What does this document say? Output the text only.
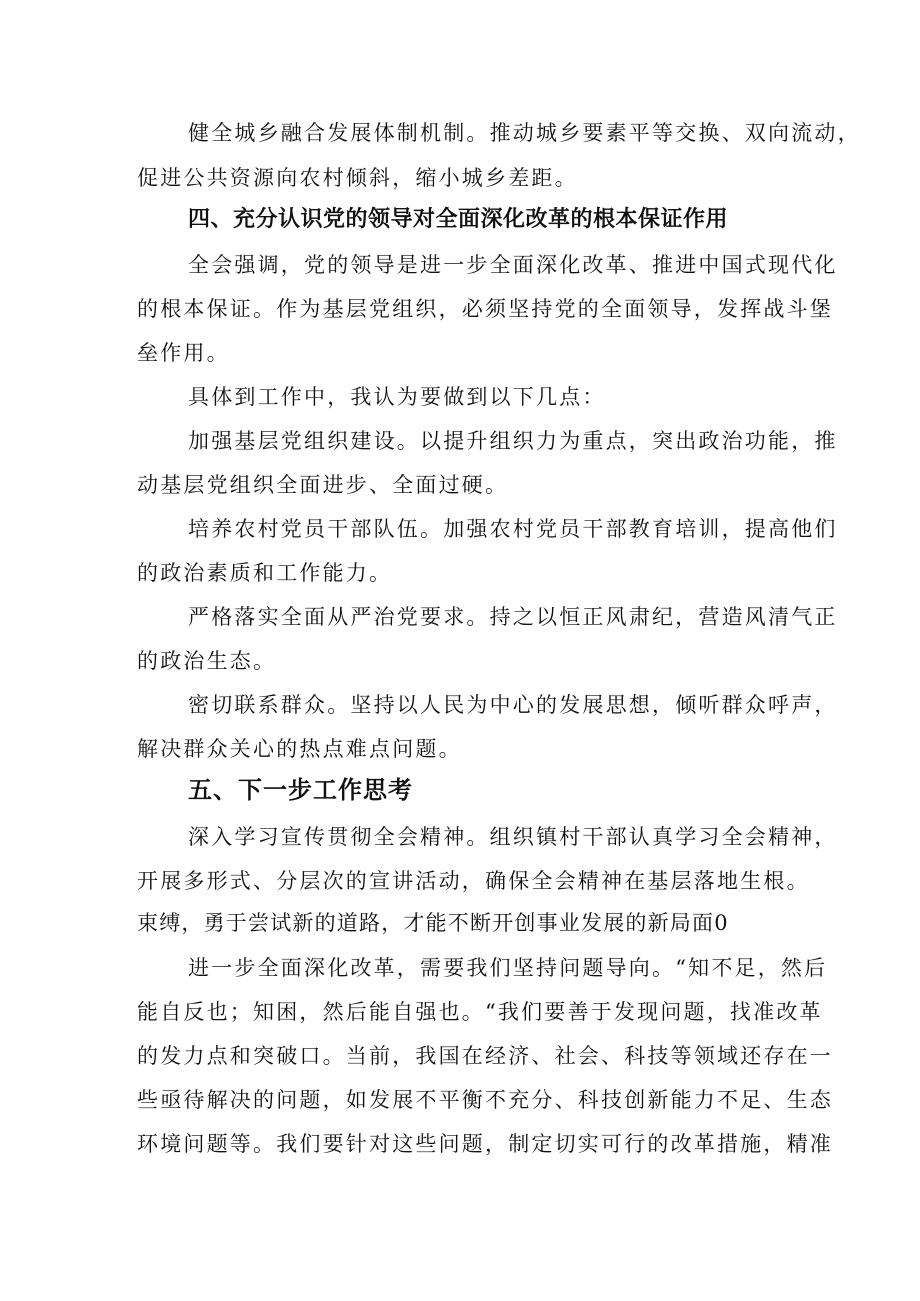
健全城乡融合发展体制机制。推动城乡要素平等交换、双向流动，
促进公共资源向农村倾斜，缩小城乡差距。
四、充分认识党的领导对全面深化改革的根本保证作用
全会强调，党的领导是进一步全面深化改革、推进中国式现代化
的根本保证。作为基层党组织，必须坚持党的全面领导，发挥战斗堡
垒作用。
具体到工作中，我认为要做到以下几点：
加强基层党组织建设。以提升组织力为重点，突出政治功能，推
动基层党组织全面进步、全面过硬。
培养农村党员干部队伍。加强农村党员干部教育培训，提高他们
的政治素质和工作能力。
严格落实全面从严治党要求。持之以恒正风肃纪，营造风清气正
的政治生态。
密切联系群众。坚持以人民为中心的发展思想，倾听群众呼声，
解决群众关心的热点难点问题。
五、下一步工作思考
深入学习宣传贯彻全会精神。组织镇村干部认真学习全会精神，
开展多形式、分层次的宣讲活动，确保全会精神在基层落地生根。
束缚，勇于尝试新的道路，才能不断开创事业发展的新局面0
进一步全面深化改革，需要我们坚持问题导向。“知不足，然后
能自反也；知困，然后能自强也。“我们要善于发现问题，找准改革
的发力点和突破口。当前，我国在经济、社会、科技等领域还存在一
些亟待解决的问题，如发展不平衡不充分、科技创新能力不足、生态
环境问题等。我们要针对这些问题，制定切实可行的改革措施，精准
